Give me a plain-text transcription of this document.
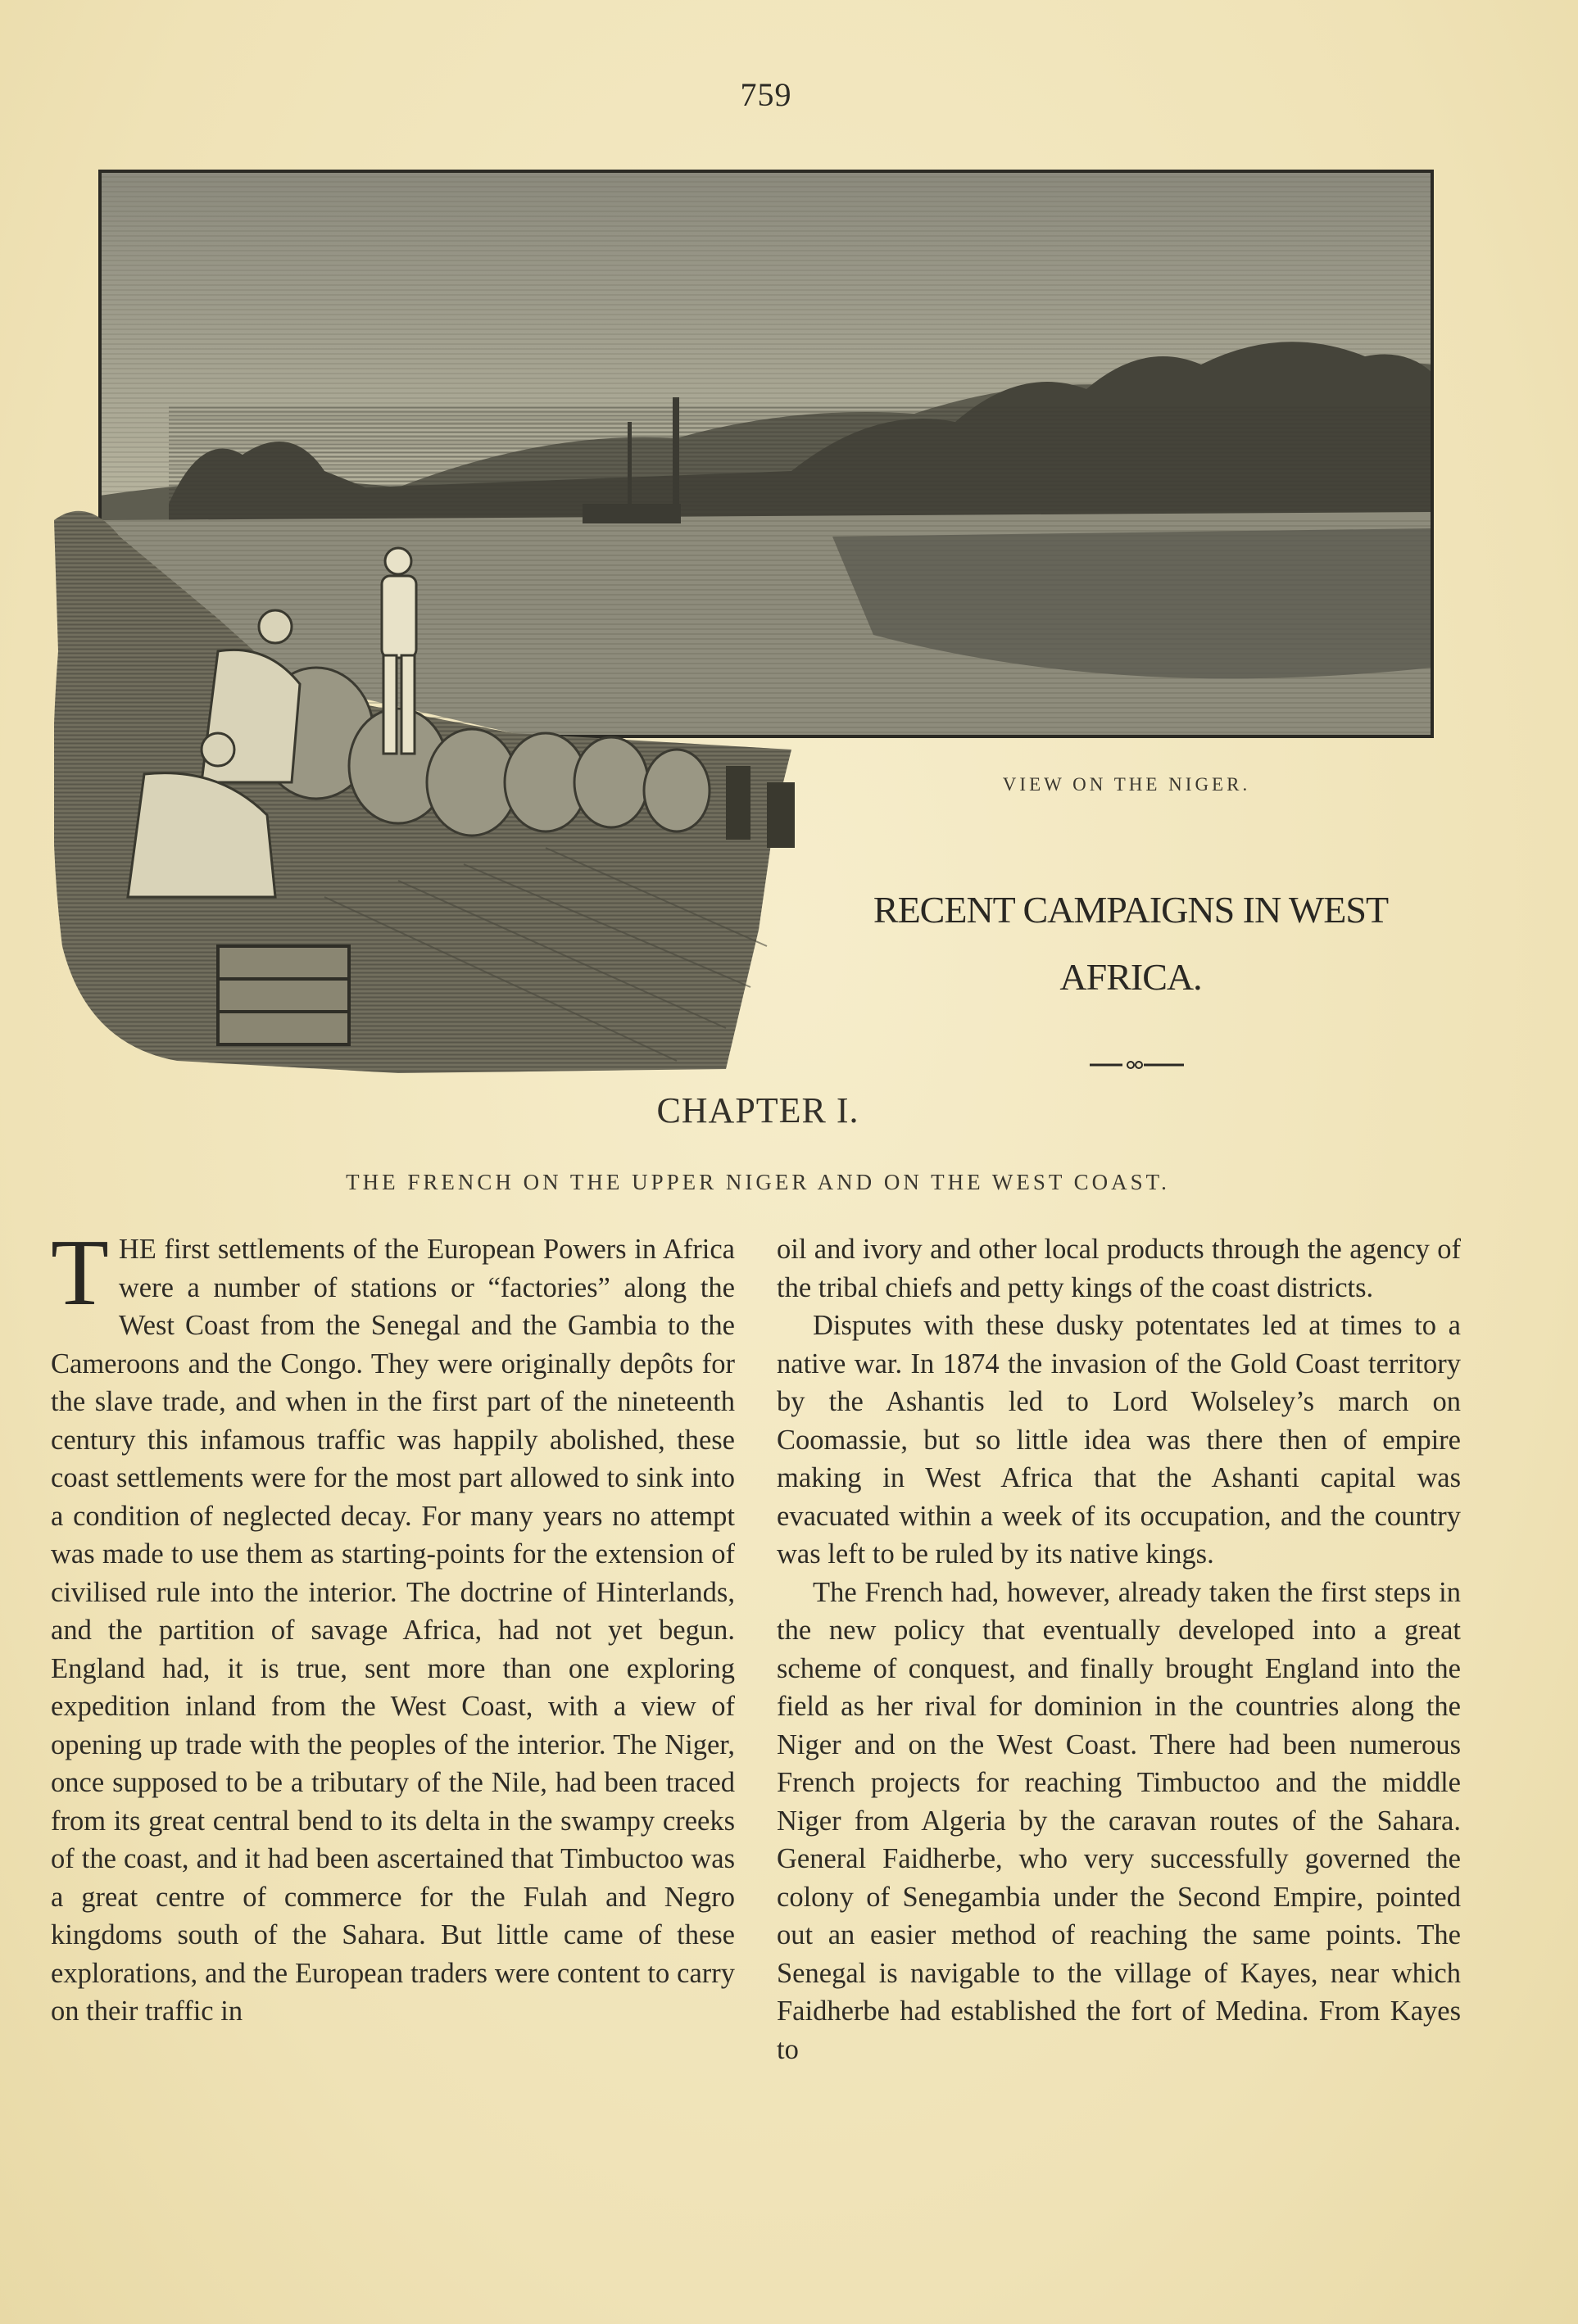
759
VIEW ON THE NIGER.
RECENT CAMPAIGNS IN WEST
AFRICA.
CHAPTER I.
THE FRENCH ON THE UPPER NIGER AND ON THE WEST COAST.

THE first settlements of the European Powers in Africa were a number of stations or “factories” along the West Coast from the Senegal and the Gambia to the Cameroons and the Congo. They were originally depôts for the slave trade, and when in the first part of the nineteenth century this infamous traffic was happily abolished, these coast settlements were for the most part allowed to sink into a condition of neglected decay. For many years no attempt was made to use them as starting-points for the extension of civilised rule into the interior. The doctrine of Hinterlands, and the partition of savage Africa, had not yet begun. England had, it is true, sent more than one exploring expedition inland from the West Coast, with a view of opening up trade with the peoples of the interior. The Niger, once supposed to be a tributary of the Nile, had been traced from its great central bend to its delta in the swampy creeks of the coast, and it had been ascertained that Timbuctoo was a great centre of commerce for the Fulah and Negro kingdoms south of the Sahara. But little came of these explorations, and the European traders were content to carry on their traffic in

oil and ivory and other local products through the agency of the tribal chiefs and petty kings of the coast districts.

Disputes with these dusky potentates led at times to a native war. In 1874 the invasion of the Gold Coast territory by the Ashantis led to Lord Wolseley’s march on Coomassie, but so little idea was there then of empire making in West Africa that the Ashanti capital was evacuated within a week of its occupation, and the country was left to be ruled by its native kings.

The French had, however, already taken the first steps in the new policy that eventually developed into a great scheme of conquest, and finally brought England into the field as her rival for dominion in the countries along the Niger and on the West Coast. There had been numerous French projects for reaching Timbuctoo and the middle Niger from Algeria by the caravan routes of the Sahara. General Faidherbe, who very successfully governed the colony of Senegambia under the Second Empire, pointed out an easier method of reaching the same points. The Senegal is navigable to the village of Kayes, near which Faidherbe had established the fort of Medina. From Kayes to
